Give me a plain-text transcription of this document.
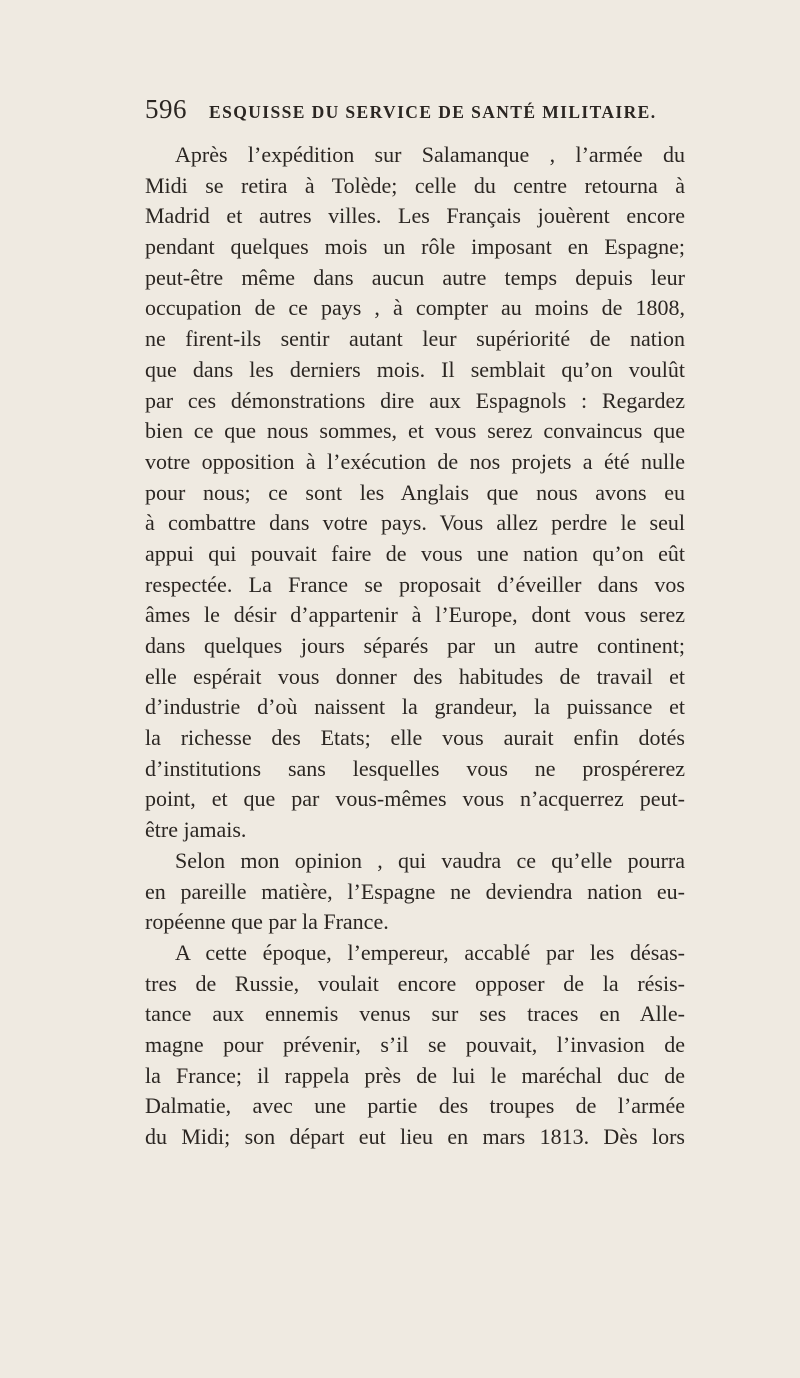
596 ESQUISSE DU SERVICE DE SANTÉ MILITAIRE.
Après l’expédition sur Salamanque , l’armée du
Midi se retira à Tolède; celle du centre retourna à
Madrid et autres villes. Les Français jouèrent encore
pendant quelques mois un rôle imposant en Espagne;
peut-être même dans aucun autre temps depuis leur
occupation de ce pays , à compter au moins de 1808,
ne firent-ils sentir autant leur supériorité de nation
que dans les derniers mois. Il semblait qu’on voulût
par ces démonstrations dire aux Espagnols : Regardez
bien ce que nous sommes, et vous serez convaincus que
votre opposition à l’exécution de nos projets a été nulle
pour nous; ce sont les Anglais que nous avons eu
à combattre dans votre pays. Vous allez perdre le seul
appui qui pouvait faire de vous une nation qu’on eût
respectée. La France se proposait d’éveiller dans vos
âmes le désir d’appartenir à l’Europe, dont vous serez
dans quelques jours séparés par un autre continent;
elle espérait vous donner des habitudes de travail et
d’industrie d’où naissent la grandeur, la puissance et
la richesse des Etats; elle vous aurait enfin dotés
d’institutions sans lesquelles vous ne prospérerez
point, et que par vous-mêmes vous n’acquerrez peut-
être jamais.
Selon mon opinion , qui vaudra ce qu’elle pourra
en pareille matière, l’Espagne ne deviendra nation eu-
ropéenne que par la France.
A cette époque, l’empereur, accablé par les désas-
tres de Russie, voulait encore opposer de la résis-
tance aux ennemis venus sur ses traces en Alle-
magne pour prévenir, s’il se pouvait, l’invasion de
la France; il rappela près de lui le maréchal duc de
Dalmatie, avec une partie des troupes de l’armée
du Midi; son départ eut lieu en mars 1813. Dès lors
